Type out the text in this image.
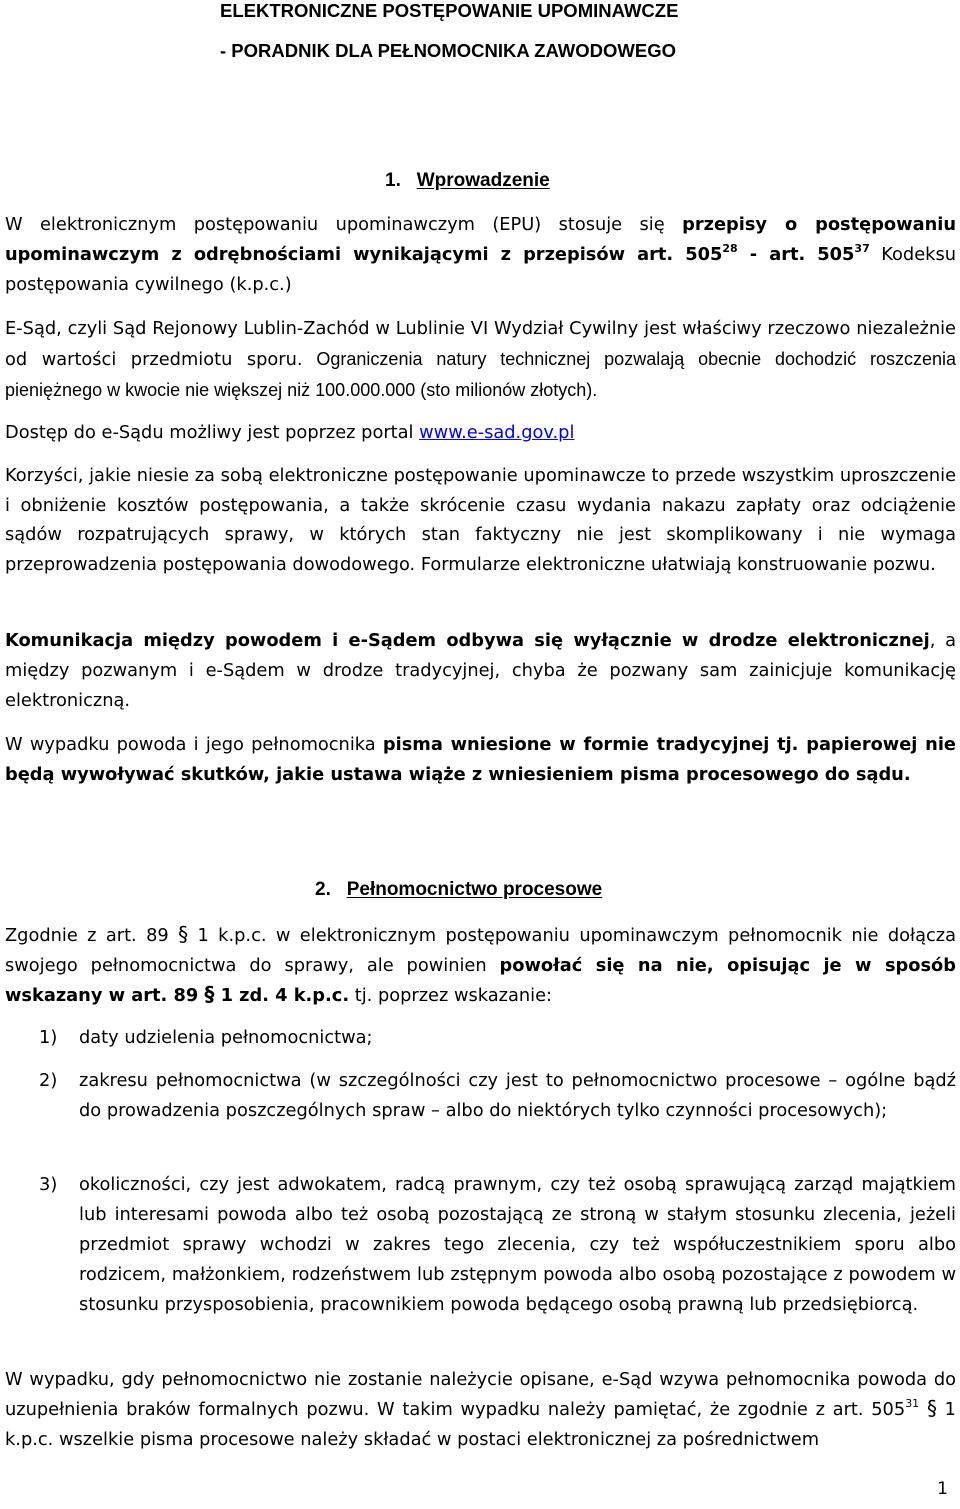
ELEKTRONICZNE POSTĘPOWANIE UPOMINAWCZE
- PORADNIK DLA PEŁNOMOCNIKA ZAWODOWEGO
1. Wprowadzenie

W elektronicznym postępowaniu upominawczym (EPU) stosuje się przepisy o postępowaniu upominawczym z odrębnościami wynikającymi z przepisów art. $505^{28}$ - art. $505^{37}$ Kodeksu postępowania cywilnego (k.p.c.)

E-Sąd, czyli Sąd Rejonowy Lublin-Zachód w Lublinie VI Wydział Cywilny jest właściwy rzeczowo niezależnie od wartości przedmiotu sporu. Ograniczenia natury technicznej pozwalają obecnie dochodzić roszczenia pieniężnego w kwocie nie większej niż 100.000.000 (sto milionów złotych).

Dostęp do e-Sądu możliwy jest poprzez portal www.e-sad.gov.pl

Korzyści, jakie niesie za sobą elektroniczne postępowanie upominawcze to przede wszystkim uproszczenie i obniżenie kosztów postępowania, a także skrócenie czasu wydania nakazu zapłaty oraz odciążenie sądów rozpatrujących sprawy, w których stan faktyczny nie jest skomplikowany i nie wymaga przeprowadzenia postępowania dowodowego. Formularze elektroniczne ułatwiają konstruowanie pozwu.

Komunikacja między powodem i e-Sądem odbywa się wyłącznie w drodze elektronicznej, a między pozwanym i e-Sądem w drodze tradycyjnej, chyba że pozwany sam zainicjuje komunikację elektroniczną.

W wypadku powoda i jego pełnomocnika pisma wniesione w formie tradycyjnej tj. papierowej nie będą wywoływać skutków, jakie ustawa wiąże z wniesieniem pisma procesowego do sądu.

2. Pełnomocnictwo procesowe

Zgodnie z art. 89 § 1 k.p.c. w elektronicznym postępowaniu upominawczym pełnomocnik nie dołącza swojego pełnomocnictwa do sprawy, ale powinien powołać się na nie, opisując je w sposób wskazany w art. 89 § 1 zd. 4 k.p.c. tj. poprzez wskazanie:

1) daty udzielenia pełnomocnictwa;
2) zakresu pełnomocnictwa (w szczególności czy jest to pełnomocnictwo procesowe – ogólne bądź do prowadzenia poszczególnych spraw – albo do niektórych tylko czynności procesowych);
3) okoliczności, czy jest adwokatem, radcą prawnym, czy też osobą sprawującą zarząd majątkiem lub interesami powoda albo też osobą pozostającą ze stroną w stałym stosunku zlecenia, jeżeli przedmiot sprawy wchodzi w zakres tego zlecenia, czy też współuczestnikiem sporu albo rodzicem, małżonkiem, rodzeństwem lub zstępnym powoda albo osobą pozostające z powodem w stosunku przysposobienia, pracownikiem powoda będącego osobą prawną lub przedsiębiorcą.

W wypadku, gdy pełnomocnictwo nie zostanie należycie opisane, e-Sąd wzywa pełnomocnika powoda do uzupełnienia braków formalnych pozwu. W takim wypadku należy pamiętać, że zgodnie z art. $505^{31}$ § 1 k.p.c. wszelkie pisma procesowe należy składać w postaci elektronicznej za pośrednictwem

1
